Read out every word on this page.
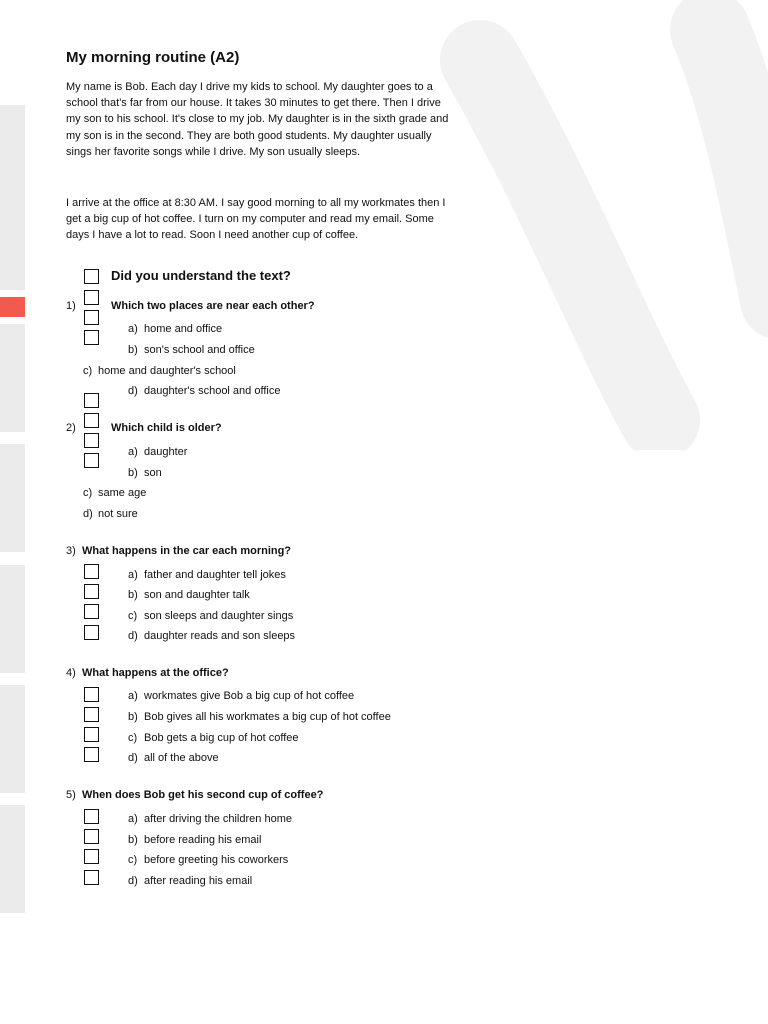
My morning routine (A2)

My name is Bob. Each day I drive my kids to school. My daughter goes to a school that's far from our house. It takes 30 minutes to get there. Then I drive my son to his school. It's close to my job. My daughter is in the sixth grade and my son is in the second. They are both good students. My daughter usually sings her favorite songs while I drive. My son usually sleeps.

I arrive at the office at 8:30 AM. I say good morning to all my workmates then I get a big cup of hot coffee. I turn on my computer and read my email. Some days I have a lot to read. Soon I need another cup of coffee.

Did you understand the text?
1)	Which two places are near each other?
a) home and office
b) son's school and office
c) home and daughter's school
d) daughter's school and office
2)	Which child is older?
a) daughter
b) son
c) same age
d) not sure
3) What happens in the car each morning?
a) father and daughter tell jokes
b) son and daughter talk
c) son sleeps and daughter sings
d) daughter reads and son sleeps
4) What happens at the office?
a) workmates give Bob a big cup of hot coffee
b) Bob gives all his workmates a big cup of hot coffee
c) Bob gets a big cup of hot coffee
d) all of the above
5) When does Bob get his second cup of coffee?
a) after driving the children home
b) before reading his email
c) before greeting his coworkers
d) after reading his email
